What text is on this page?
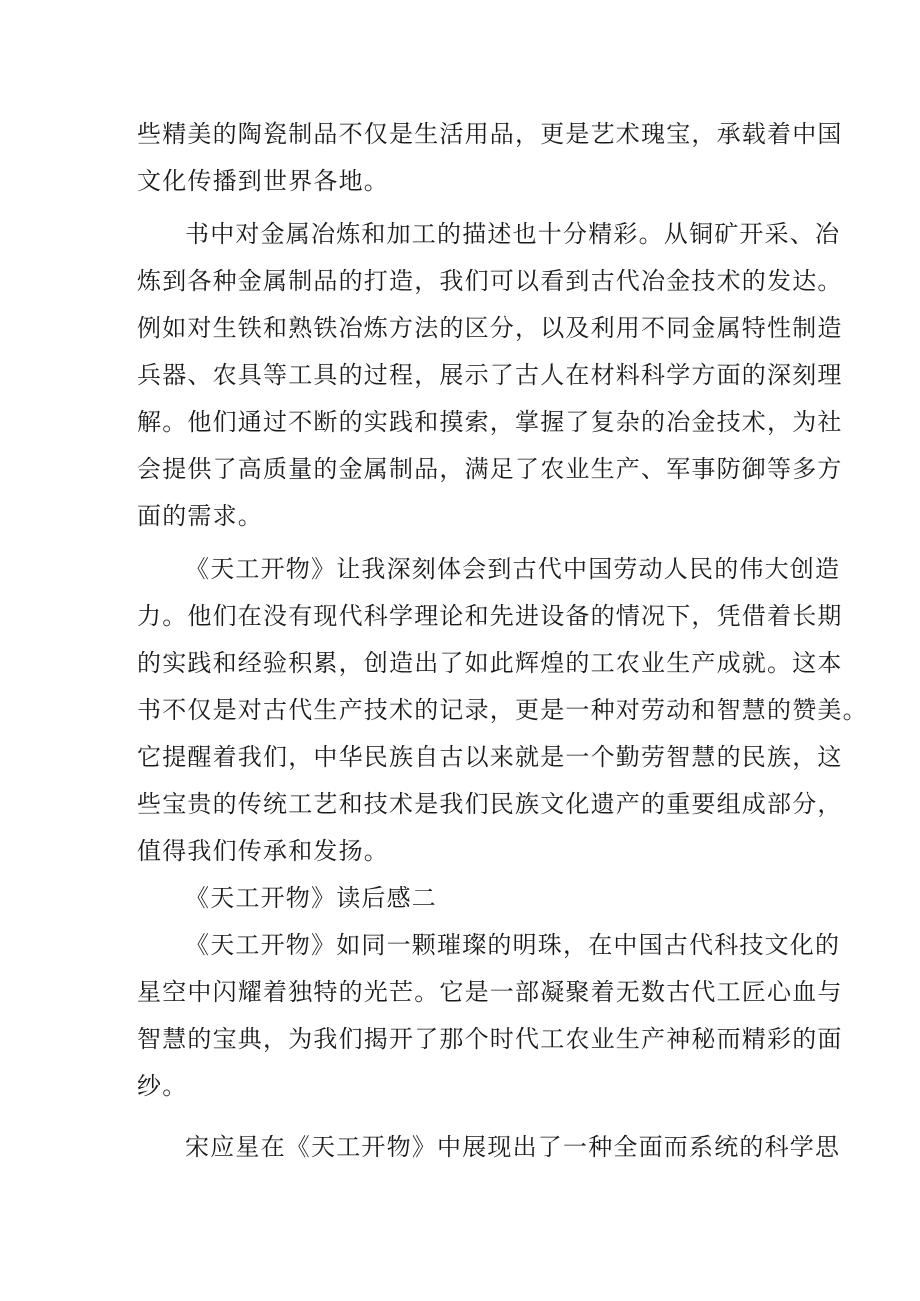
些精美的陶瓷制品不仅是生活用品，更是艺术瑰宝，承载着中国
文化传播到世界各地。
书中对金属冶炼和加工的描述也十分精彩。从铜矿开采、冶
炼到各种金属制品的打造，我们可以看到古代冶金技术的发达。
例如对生铁和熟铁冶炼方法的区分，以及利用不同金属特性制造
兵器、农具等工具的过程，展示了古人在材料科学方面的深刻理
解。他们通过不断的实践和摸索，掌握了复杂的冶金技术，为社
会提供了高质量的金属制品，满足了农业生产、军事防御等多方
面的需求。
《天工开物》让我深刻体会到古代中国劳动人民的伟大创造
力。他们在没有现代科学理论和先进设备的情况下，凭借着长期
的实践和经验积累，创造出了如此辉煌的工农业生产成就。这本
书不仅是对古代生产技术的记录，更是一种对劳动和智慧的赞美。
它提醒着我们，中华民族自古以来就是一个勤劳智慧的民族，这
些宝贵的传统工艺和技术是我们民族文化遗产的重要组成部分，
值得我们传承和发扬。
《天工开物》读后感二
《天工开物》如同一颗璀璨的明珠，在中国古代科技文化的
星空中闪耀着独特的光芒。它是一部凝聚着无数古代工匠心血与
智慧的宝典，为我们揭开了那个时代工农业生产神秘而精彩的面
纱。
宋应星在《天工开物》中展现出了一种全面而系统的科学思
